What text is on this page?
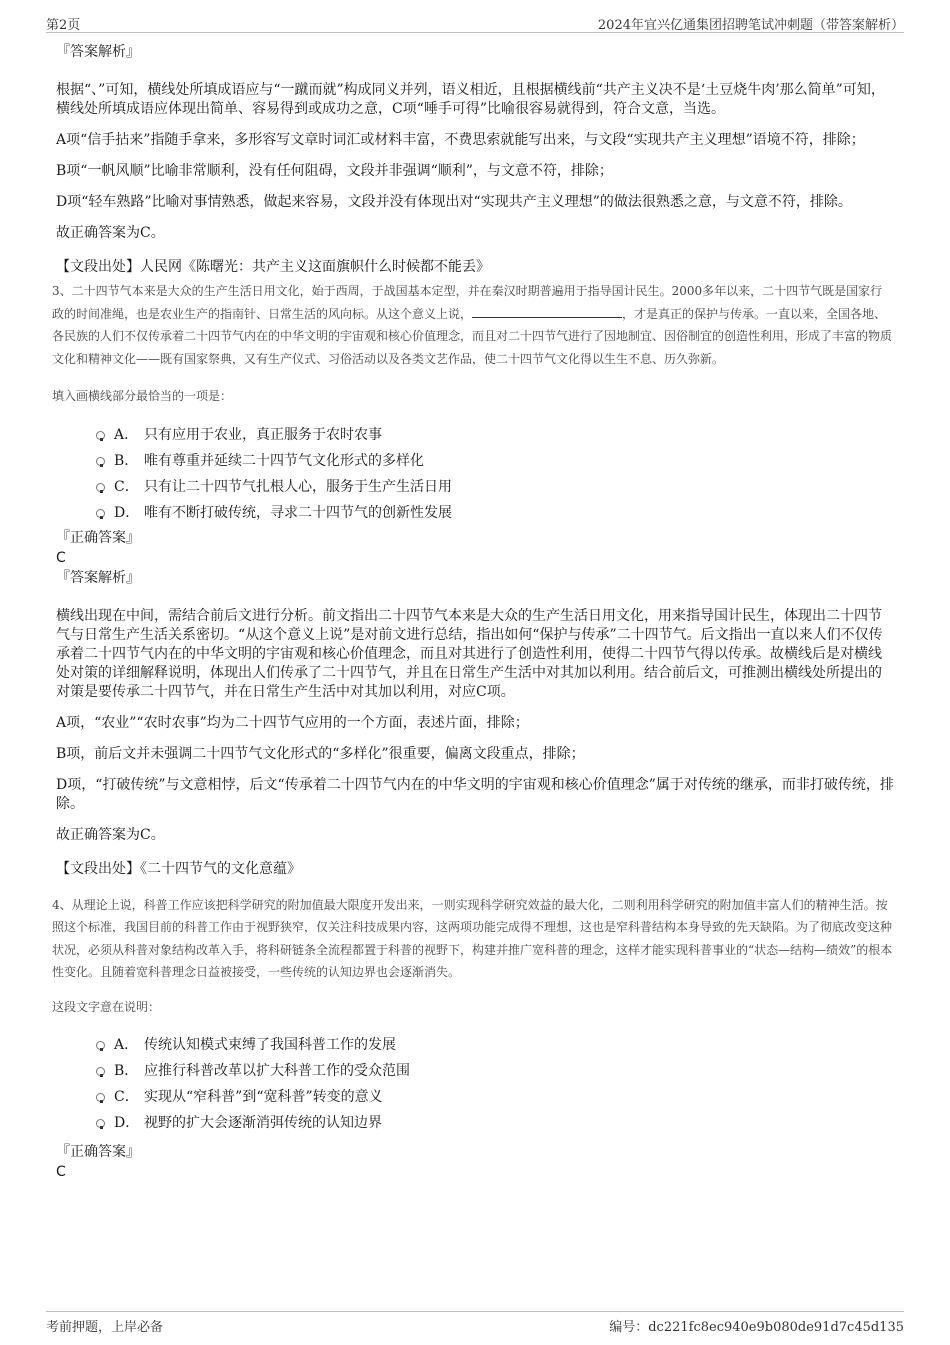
第2页	2024年宜兴亿通集团招聘笔试冲刺题（带答案解析）

『答案解析』

根据“、”可知，横线处所填成语应与“一蹴而就”构成同义并列，语义相近，且根据横线前“共产主义决不是‘土豆烧牛肉’那么简单”可知，横线处所填成语应体现出简单、容易得到或成功之意，C项“唾手可得”比喻很容易就得到，符合文意，当选。

A项“信手拈来”指随手拿来，多形容写文章时词汇或材料丰富，不费思索就能写出来，与文段“实现共产主义理想”语境不符，排除；

B项“一帆风顺”比喻非常顺利，没有任何阻碍，文段并非强调“顺利”，与文意不符，排除；

D项“轻车熟路”比喻对事情熟悉，做起来容易，文段并没有体现出对“实现共产主义理想”的做法很熟悉之意，与文意不符，排除。

故正确答案为C。

【文段出处】人民网《陈曙光：共产主义这面旗帜什么时候都不能丢》

3、二十四节气本来是大众的生产生活日用文化，始于西周，于战国基本定型，并在秦汉时期普遍用于指导国计民生。2000多年以来，二十四节气既是国家行政的时间准绳，也是农业生产的指南针、日常生活的风向标。从这个意义上说，	，才是真正的保护与传承。一直以来，全国各地、各民族的人们不仅传承着二十四节气内在的中华文明的宇宙观和核心价值理念，而且对二十四节气进行了因地制宜、因俗制宜的创造性利用，形成了丰富的物质文化和精神文化——既有国家祭典，又有生产仪式、习俗活动以及各类文艺作品，使二十四节气文化得以生生不息、历久弥新。

填入画横线部分最恰当的一项是：

A． 只有应用于农业，真正服务于农时农事
B． 唯有尊重并延续二十四节气文化形式的多样化
C． 只有让二十四节气扎根人心，服务于生产生活日用
D． 唯有不断打破传统，寻求二十四节气的创新性发展

『正确答案』

C

『答案解析』

横线出现在中间，需结合前后文进行分析。前文指出二十四节气本来是大众的生产生活日用文化，用来指导国计民生，体现出二十四节气与日常生产生活关系密切。“从这个意义上说”是对前文进行总结，指出如何“保护与传承”二十四节气。后文指出一直以来人们不仅传承着二十四节气内在的中华文明的宇宙观和核心价值理念，而且对其进行了创造性利用，使得二十四节气得以传承。故横线后是对横线处对策的详细解释说明，体现出人们传承了二十四节气，并且在日常生产生活中对其加以利用。结合前后文，可推测出横线处所提出的对策是要传承二十四节气，并在日常生产生活中对其加以利用，对应C项。

A项，“农业”“农时农事”均为二十四节气应用的一个方面，表述片面，排除；

B项，前后文并未强调二十四节气文化形式的“多样化”很重要，偏离文段重点，排除；

D项，“打破传统”与文意相悖，后文“传承着二十四节气内在的中华文明的宇宙观和核心价值理念”属于对传统的继承，而非打破传统，排除。

故正确答案为C。

【文段出处】《二十四节气的文化意蕴》

4、从理论上说，科普工作应该把科学研究的附加值最大限度开发出来，一则实现科学研究效益的最大化，二则利用科学研究的附加值丰富人们的精神生活。按照这个标准，我国目前的科普工作由于视野狭窄，仅关注科技成果内容，这两项功能完成得不理想，这也是窄科普结构本身导致的先天缺陷。为了彻底改变这种状况，必须从科普对象结构改革入手，将科研链条全流程都置于科普的视野下，构建并推广宽科普的理念，这样才能实现科普事业的“状态—结构—绩效”的根本性变化。且随着宽科普理念日益被接受，一些传统的认知边界也会逐渐消失。

这段文字意在说明：

A． 传统认知模式束缚了我国科普工作的发展
B． 应推行科普改革以扩大科普工作的受众范围
C． 实现从“窄科普”到“宽科普”转变的意义
D． 视野的扩大会逐渐消弭传统的认知边界

『正确答案』

C

考前押题，上岸必备	编号：dc221fc8ec940e9b080de91d7c45d135
